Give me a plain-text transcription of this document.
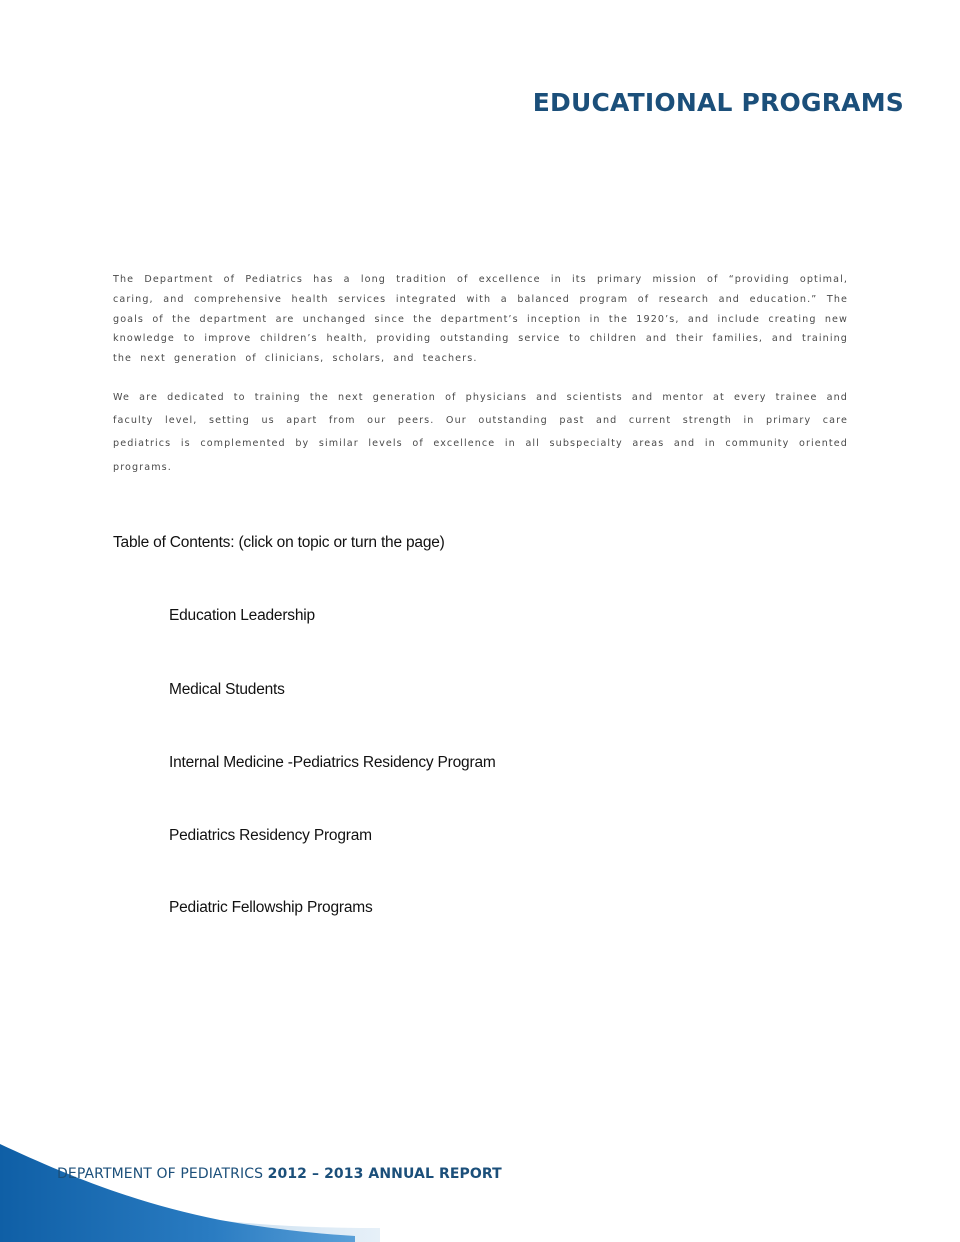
EDUCATIONAL PROGRAMS

The Department of Pediatrics has a long tradition of excellence in its primary mission of “providing optimal, caring, and comprehensive health services integrated with a balanced program of research and education.” The goals of the department are unchanged since the department’s inception in the 1920’s, and include creating new knowledge to improve children’s health, providing outstanding service to children and their families, and training the next generation of clinicians, scholars, and teachers.

We are dedicated to training the next generation of physicians and scientists and mentor at every trainee and faculty level, setting us apart from our peers. Our outstanding past and current strength in primary care pediatrics is complemented by similar levels of excellence in all subspecialty areas and in community oriented programs.

Table of Contents: (click on topic or turn the page)

Education Leadership
Medical Students
Internal Medicine -Pediatrics Residency Program
Pediatrics Residency Program
Pediatric Fellowship Programs
DEPARTMENT OF PEDIATRICS 2012 – 2013 ANNUAL REPORT
